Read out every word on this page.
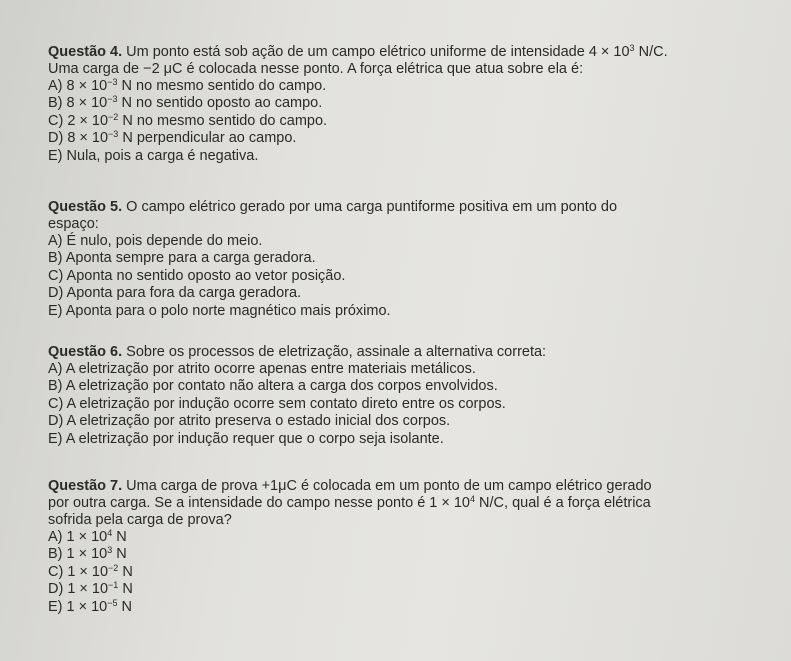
Questão 4. Um ponto está sob ação de um campo elétrico uniforme de intensidade $4 \times 10^3$ N/C.
Uma carga de −2 μC é colocada nesse ponto. A força elétrica que atua sobre ela é:
A) $8 \times 10^{-3}$ N no mesmo sentido do campo.
B) $8 \times 10^{-3}$ N no sentido oposto ao campo.
C) $2 \times 10^{-2}$ N no mesmo sentido do campo.
D) $8 \times 10^{-3}$ N perpendicular ao campo.
E) Nula, pois a carga é negativa.
Questão 5. O campo elétrico gerado por uma carga puntiforme positiva em um ponto do
espaço:
A) É nulo, pois depende do meio.
B) Aponta sempre para a carga geradora.
C) Aponta no sentido oposto ao vetor posição.
D) Aponta para fora da carga geradora.
E) Aponta para o polo norte magnético mais próximo.
Questão 6. Sobre os processos de eletrização, assinale a alternativa correta:
A) A eletrização por atrito ocorre apenas entre materiais metálicos.
B) A eletrização por contato não altera a carga dos corpos envolvidos.
C) A eletrização por indução ocorre sem contato direto entre os corpos.
D) A eletrização por atrito preserva o estado inicial dos corpos.
E) A eletrização por indução requer que o corpo seja isolante.
Questão 7. Uma carga de prova +1μC é colocada em um ponto de um campo elétrico gerado
por outra carga. Se a intensidade do campo nesse ponto é $1 \times 10^4$ N/C, qual é a força elétrica
sofrida pela carga de prova?
A) $1 \times 10^4$ N
B) $1 \times 10^3$ N
C) $1 \times 10^{-2}$ N
D) $1 \times 10^{-1}$ N
E) $1 \times 10^{-5}$ N
